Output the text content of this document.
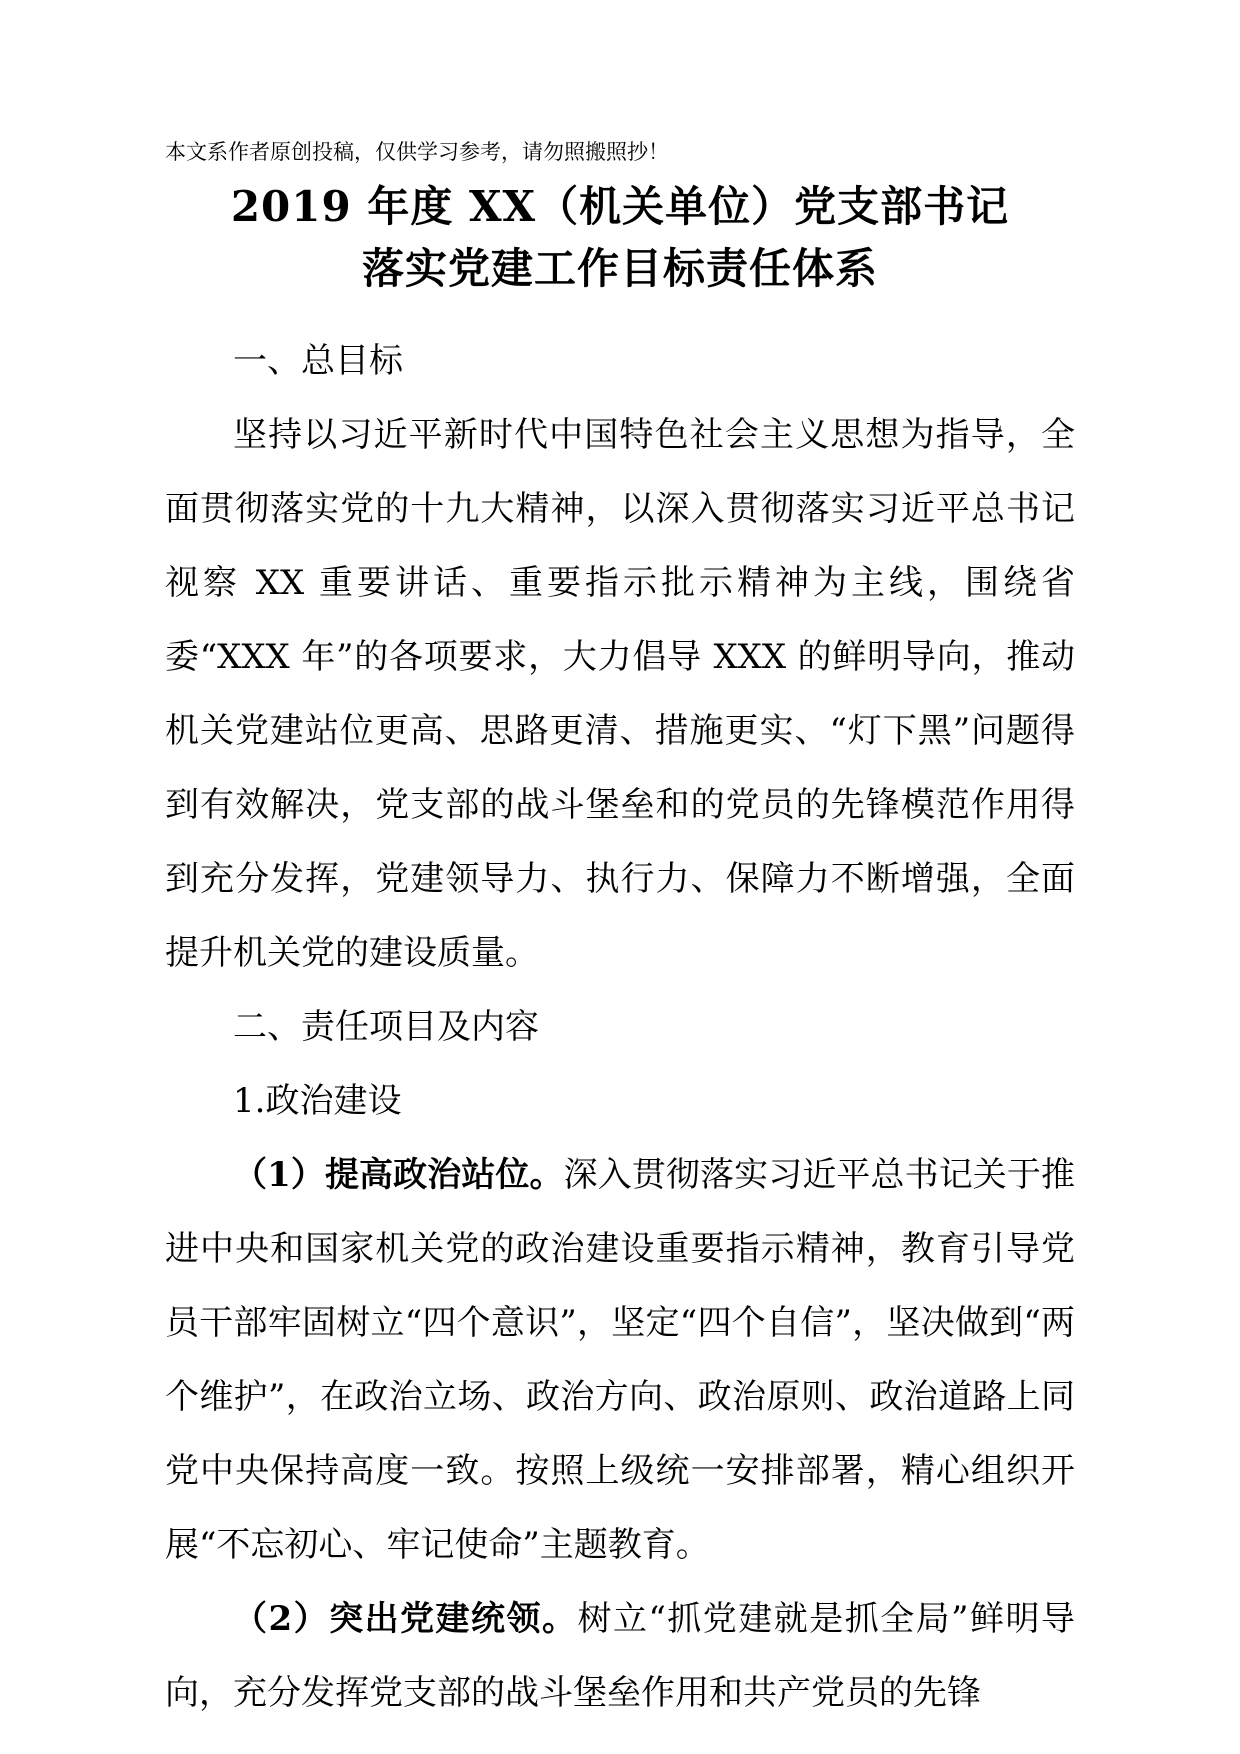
本文系作者原创投稿，仅供学习参考，请勿照搬照抄！

2019 年度 XX（机关单位）党支部书记
落实党建工作目标责任体系

一、总目标

坚持以习近平新时代中国特色社会主义思想为指导，全面贯彻落实党的十九大精神，以深入贯彻落实习近平总书记视察 XX 重要讲话、重要指示批示精神为主线，围绕省委“XXX 年”的各项要求，大力倡导 XXX 的鲜明导向，推动机关党建站位更高、思路更清、措施更实、“灯下黑”问题得到有效解决，党支部的战斗堡垒和的党员的先锋模范作用得到充分发挥，党建领导力、执行力、保障力不断增强，全面提升机关党的建设质量。

二、责任项目及内容

1.政治建设

（1）提高政治站位。深入贯彻落实习近平总书记关于推进中央和国家机关党的政治建设重要指示精神，教育引导党员干部牢固树立“四个意识”，坚定“四个自信”，坚决做到“两个维护”，在政治立场、政治方向、政治原则、政治道路上同党中央保持高度一致。按照上级统一安排部署，精心组织开展“不忘初心、牢记使命”主题教育。

（2）突出党建统领。树立“抓党建就是抓全局”鲜明导向，充分发挥党支部的战斗堡垒作用和共产党员的先锋
